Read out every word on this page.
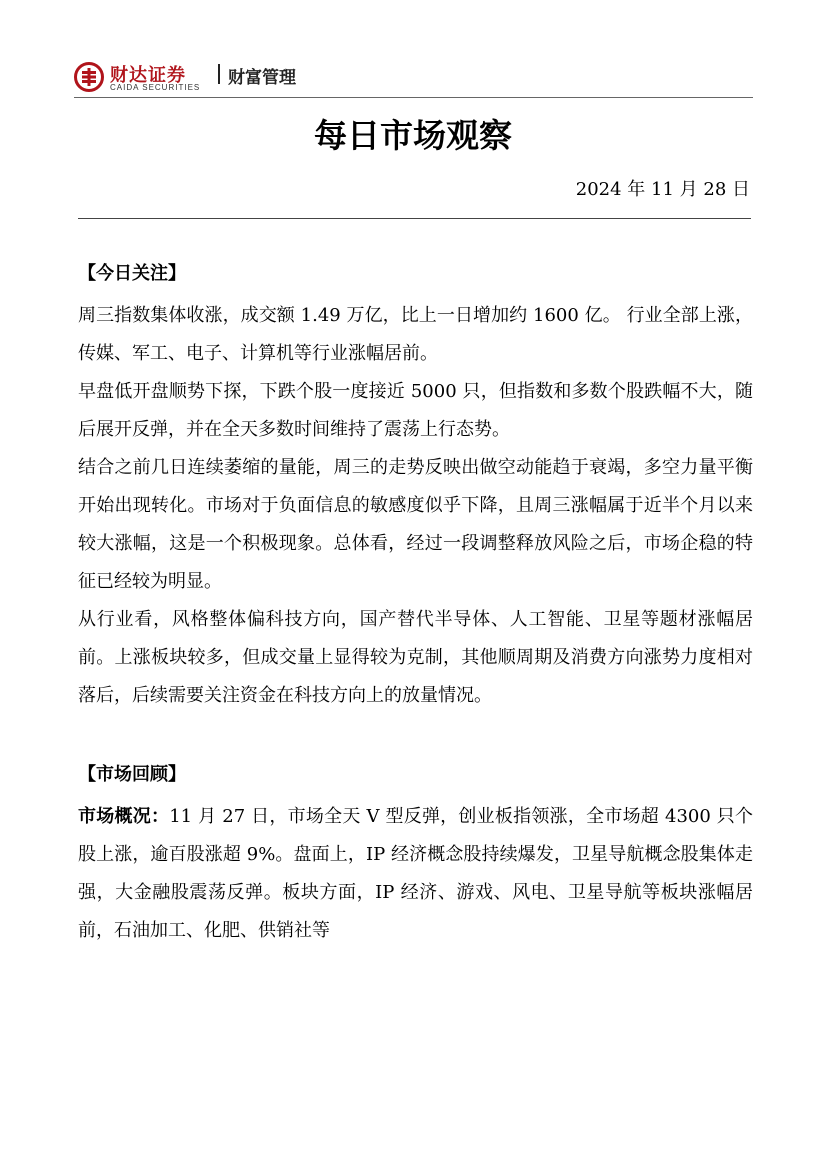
财达证券
CAIDA SECURITIES 财富管理
每日市场观察
2024 年 11 月 28 日

【今日关注】

周三指数集体收涨，成交额 1.49 万亿，比上一日增加约 1600 亿。 行业全部上涨，传媒、军工、电子、计算机等行业涨幅居前。

早盘低开盘顺势下探，下跌个股一度接近 5000 只，但指数和多数个股跌幅不大，随后展开反弹，并在全天多数时间维持了震荡上行态势。

结合之前几日连续萎缩的量能，周三的走势反映出做空动能趋于衰竭，多空力量平衡开始出现转化。市场对于负面信息的敏感度似乎下降，且周三涨幅属于近半个月以来较大涨幅，这是一个积极现象。总体看，经过一段调整释放风险之后，市场企稳的特征已经较为明显。

从行业看，风格整体偏科技方向，国产替代半导体、人工智能、卫星等题材涨幅居前。上涨板块较多，但成交量上显得较为克制，其他顺周期及消费方向涨势力度相对落后，后续需要关注资金在科技方向上的放量情况。

【市场回顾】

市场概况：11 月 27 日，市场全天 V 型反弹，创业板指领涨，全市场超 4300 只个股上涨，逾百股涨超 9%。盘面上，IP 经济概念股持续爆发，卫星导航概念股集体走强，大金融股震荡反弹。板块方面，IP 经济、游戏、风电、卫星导航等板块涨幅居前，石油加工、化肥、供销社等
